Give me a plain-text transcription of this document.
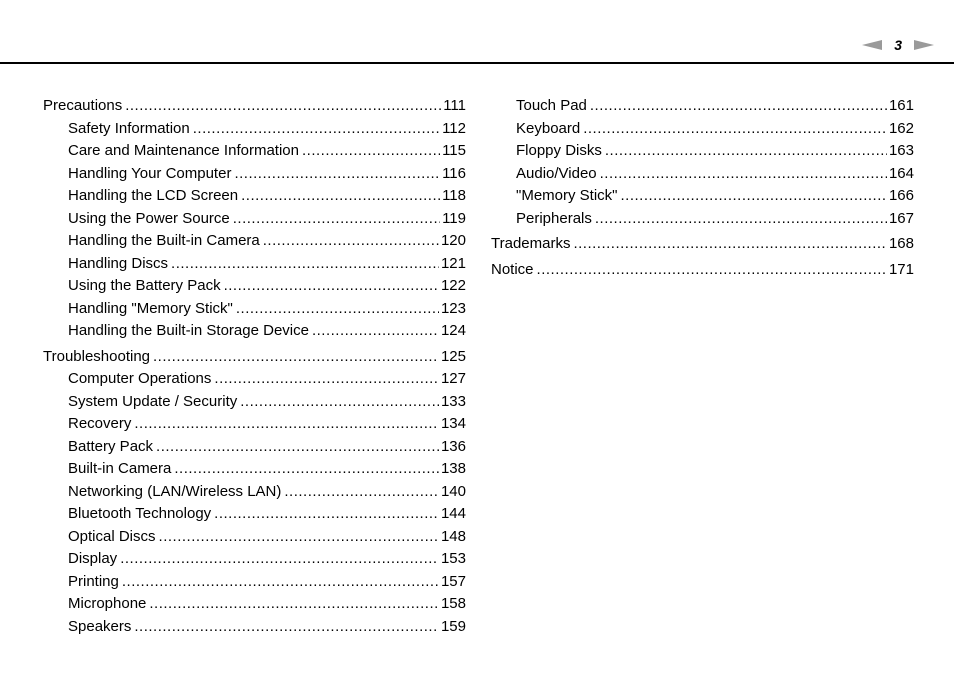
3
Precautions .....	111
Safety Information .....	112
Care and Maintenance Information .....	115
Handling Your Computer .....	116
Handling the LCD Screen .....	118
Using the Power Source .....	119
Handling the Built-in Camera .....	120
Handling Discs .....	121
Using the Battery Pack .....	122
Handling "Memory Stick" .....	123
Handling the Built-in Storage Device .....	124
Troubleshooting .....	125
Computer Operations .....	127
System Update / Security .....	133
Recovery .....	134
Battery Pack .....	136
Built-in Camera .....	138
Networking (LAN/Wireless LAN) .....	140
Bluetooth Technology .....	144
Optical Discs .....	148
Display .....	153
Printing .....	157
Microphone .....	158
Speakers .....	159
Touch Pad .....	161
Keyboard .....	162
Floppy Disks .....	163
Audio/Video .....	164
"Memory Stick" .....	166
Peripherals .....	167
Trademarks .....	168
Notice .....	171
